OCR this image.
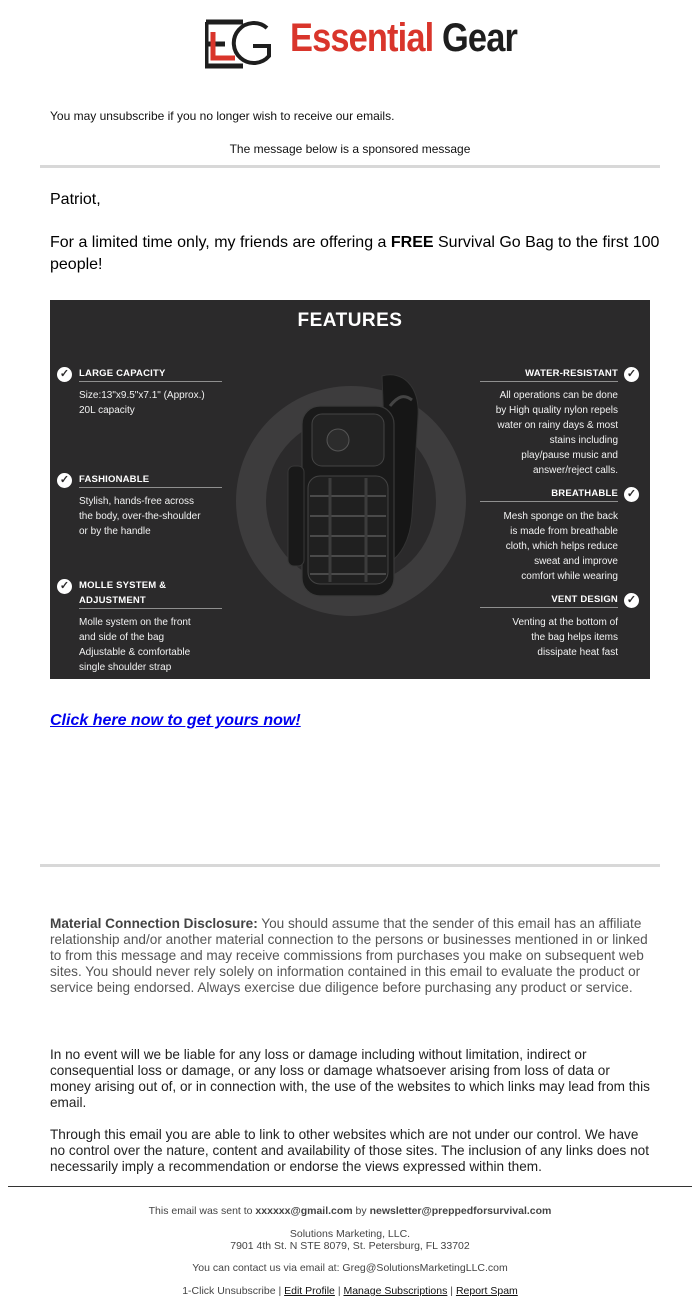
Essential Gear
You may unsubscribe if you no longer wish to receive our emails.
The message below is a sponsored message
Patriot,
For a limited time only, my friends are offering a FREE Survival Go Bag to the first 100 people!
FEATURES
✓	LARGE CAPACITY
Size:13"x9.5"x7.1" (Approx.)
20L capacity
✓	FASHIONABLE
Stylish, hands-free across
the body, over-the-shoulder
or by the handle
✓	MOLLE SYSTEM &
ADJUSTMENT
Molle system on the front
and side of the bag
Adjustable & comfortable
single shoulder strap
✓
WATER-RESISTANT
All operations can be done
by High quality nylon repels
water on rainy days & most
stains including
play/pause music and
answer/reject calls.
✓
BREATHABLE
Mesh sponge on the back
is made from breathable
cloth, which helps reduce
sweat and improve
comfort while wearing
✓
VENT DESIGN
Venting at the bottom of
the bag helps items
dissipate heat fast
Click here now to get yours now!
Material Connection Disclosure: You should assume that the sender of this email has an affiliate relationship and/or another material connection to the persons or businesses mentioned in or linked to from this message and may receive commissions from purchases you make on subsequent web sites. You should never rely solely on information contained in this email to evaluate the product or service being endorsed. Always exercise due diligence before purchasing any product or service.
In no event will we be liable for any loss or damage including without limitation, indirect or consequential loss or damage, or any loss or damage whatsoever arising from loss of data or money arising out of, or in connection with, the use of the websites to which links may lead from this email.
Through this email you are able to link to other websites which are not under our control. We have no control over the nature, content and availability of those sites. The inclusion of any links does not necessarily imply a recommendation or endorse the views expressed within them.
This email was sent to xxxxxx@gmail.com by newsletter@preppedforsurvival.com
Solutions Marketing, LLC.
7901 4th St. N STE 8079, St. Petersburg, FL 33702
You can contact us via email at: Greg@SolutionsMarketingLLC.com
1-Click Unsubscribe | Edit Profile | Manage Subscriptions | Report Spam
